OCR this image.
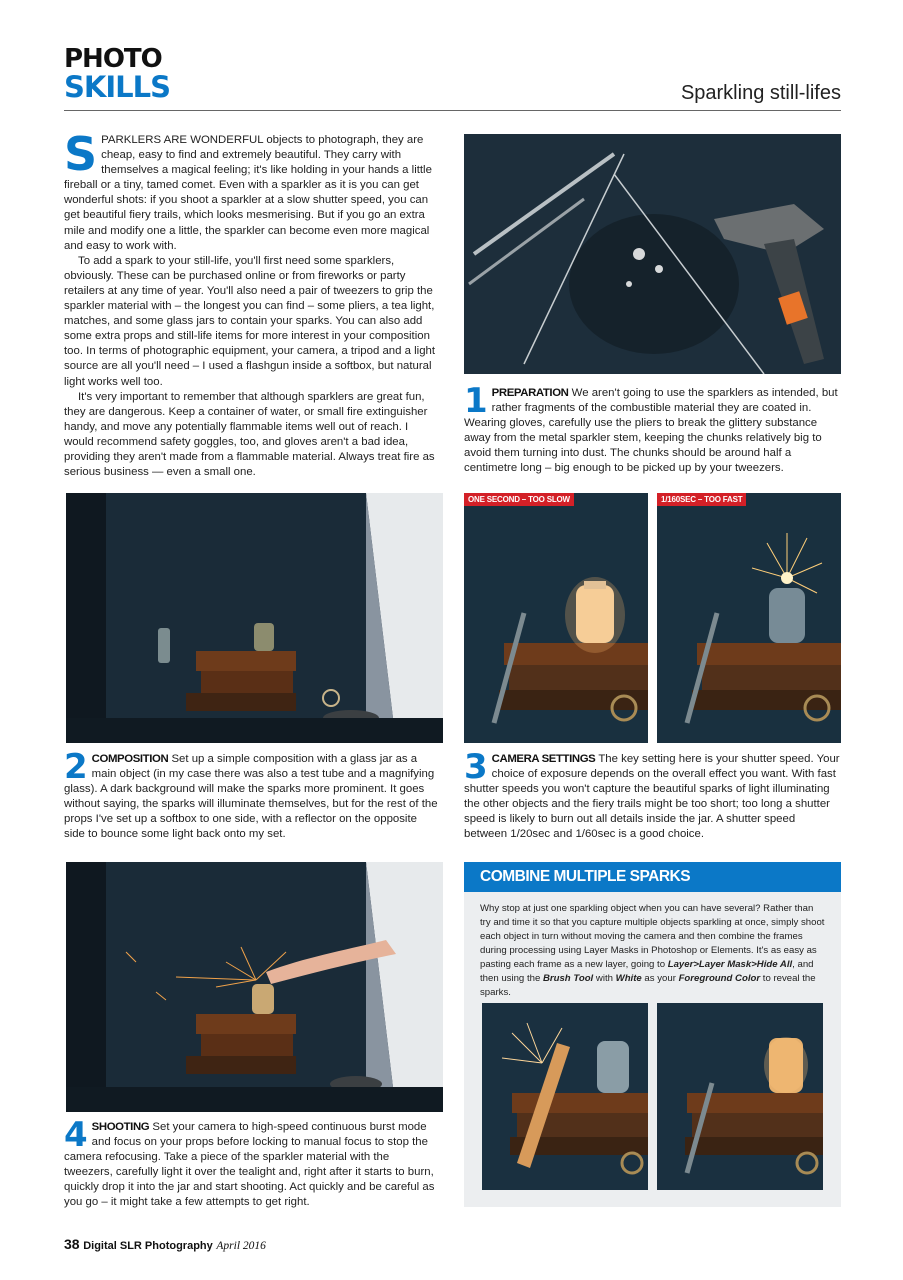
PHOTO
SKILLS	Sparkling still-lifes
S PARKLERS ARE WONDERFUL objects to photograph, they are cheap, easy to find and extremely beautiful. They carry with themselves a magical feeling; it's like holding in your hands a little fireball or a tiny, tamed comet. Even with a sparkler as it is you can get wonderful shots: if you shoot a sparkler at a slow shutter speed, you can get beautiful fiery trails, which looks mesmerising. But if you go an extra mile and modify one a little, the sparkler can become even more magical and easy to work with.

To add a spark to your still-life, you'll first need some sparklers, obviously. These can be purchased online or from fireworks or party retailers at any time of year. You'll also need a pair of tweezers to grip the sparkler material with – the longest you can find – some pliers, a tea light, matches, and some glass jars to contain your sparks. You can also add some extra props and still-life items for more interest in your composition too. In terms of photographic equipment, your camera, a tripod and a light source are all you'll need – I used a flashgun inside a softbox, but natural light works well too.

It's very important to remember that although sparklers are great fun, they are dangerous. Keep a container of water, or small fire extinguisher handy, and move any potentially flammable items well out of reach. I would recommend safety goggles, too, and gloves aren't a bad idea, providing they aren't made from a flammable material. Always treat fire as serious business — even a small one.

1 PREPARATION We aren't going to use the sparklers as intended, but rather fragments of the combustible material they are coated in. Wearing gloves, carefully use the pliers to break the glittery substance away from the metal sparkler stem, keeping the chunks relatively big to avoid them turning into dust. The chunks should be around half a centimetre long – big enough to be picked up by your tweezers.
ONE SECOND – TOO SLOW	1/160SEC – TOO FAST
2 COMPOSITION Set up a simple composition with a glass jar as a main object (in my case there was also a test tube and a magnifying glass). A dark background will make the sparks more prominent. It goes without saying, the sparks will illuminate themselves, but for the rest of the props I've set up a softbox to one side, with a reflector on the opposite side to bounce some light back onto my set.
3 CAMERA SETTINGS The key setting here is your shutter speed. Your choice of exposure depends on the overall effect you want. With fast shutter speeds you won't capture the beautiful sparks of light illuminating the other objects and the fiery trails might be too short; too long a shutter speed is likely to burn out all details inside the jar. A shutter speed between 1/20sec and 1/60sec is a good choice.
4 SHOOTING Set your camera to high-speed continuous burst mode and focus on your props before locking to manual focus to stop the camera refocusing. Take a piece of the sparkler material with the tweezers, carefully light it over the tealight and, right after it starts to burn, quickly drop it into the jar and start shooting. Act quickly and be careful as you go – it might take a few attempts to get right.
COMBINE MULTIPLE SPARKS
Why stop at just one sparkling object when you can have several? Rather than try and time it so that you capture multiple objects sparkling at once, simply shoot each object in turn without moving the camera and then combine the frames during processing using Layer Masks in Photoshop or Elements. It's as easy as pasting each frame as a new layer, going to Layer>Layer Mask>Hide All, and then using the Brush Tool with White as your Foreground Color to reveal the sparks.
38 Digital SLR Photography April 2016
